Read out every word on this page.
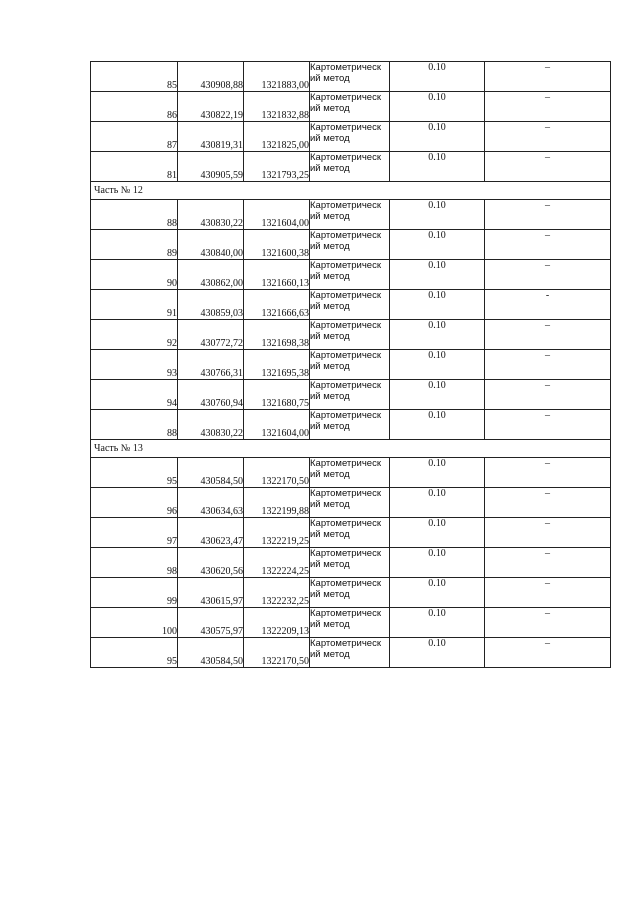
85	430908,88	1321883,00	Картометрическ ий метод	0.10	–
86	430822,19	1321832,88	Картометрическ ий метод	0.10	–
87	430819,31	1321825,00	Картометрическ ий метод	0.10	–
81	430905,59	1321793,25	Картометрическ ий метод	0.10	–
Часть № 12					
88	430830,22	1321604,00	Картометрическ ий метод	0.10	–
89	430840,00	1321600,38	Картометрическ ий метод	0.10	–
90	430862,00	1321660,13	Картометрическ ий метод	0.10	–
91	430859,03	1321666,63	Картометрическ ий метод	0.10	-
92	430772,72	1321698,38	Картометрическ ий метод	0.10	–
93	430766,31	1321695,38	Картометрическ ий метод	0.10	–
94	430760,94	1321680,75	Картометрическ ий метод	0.10	–
88	430830,22	1321604,00	Картометрическ ий метод	0.10	–
Часть № 13					
95	430584,50	1322170,50	Картометрическ ий метод	0.10	–
96	430634,63	1322199,88	Картометрическ ий метод	0.10	–
97	430623,47	1322219,25	Картометрическ ий метод	0.10	–
98	430620,56	1322224,25	Картометрическ ий метод	0.10	–
99	430615,97	1322232,25	Картометрическ ий метод	0.10	–
100	430575,97	1322209,13	Картометрическ ий метод	0.10	–
95	430584,50	1322170,50	Картометрическ ий метод	0.10	–
